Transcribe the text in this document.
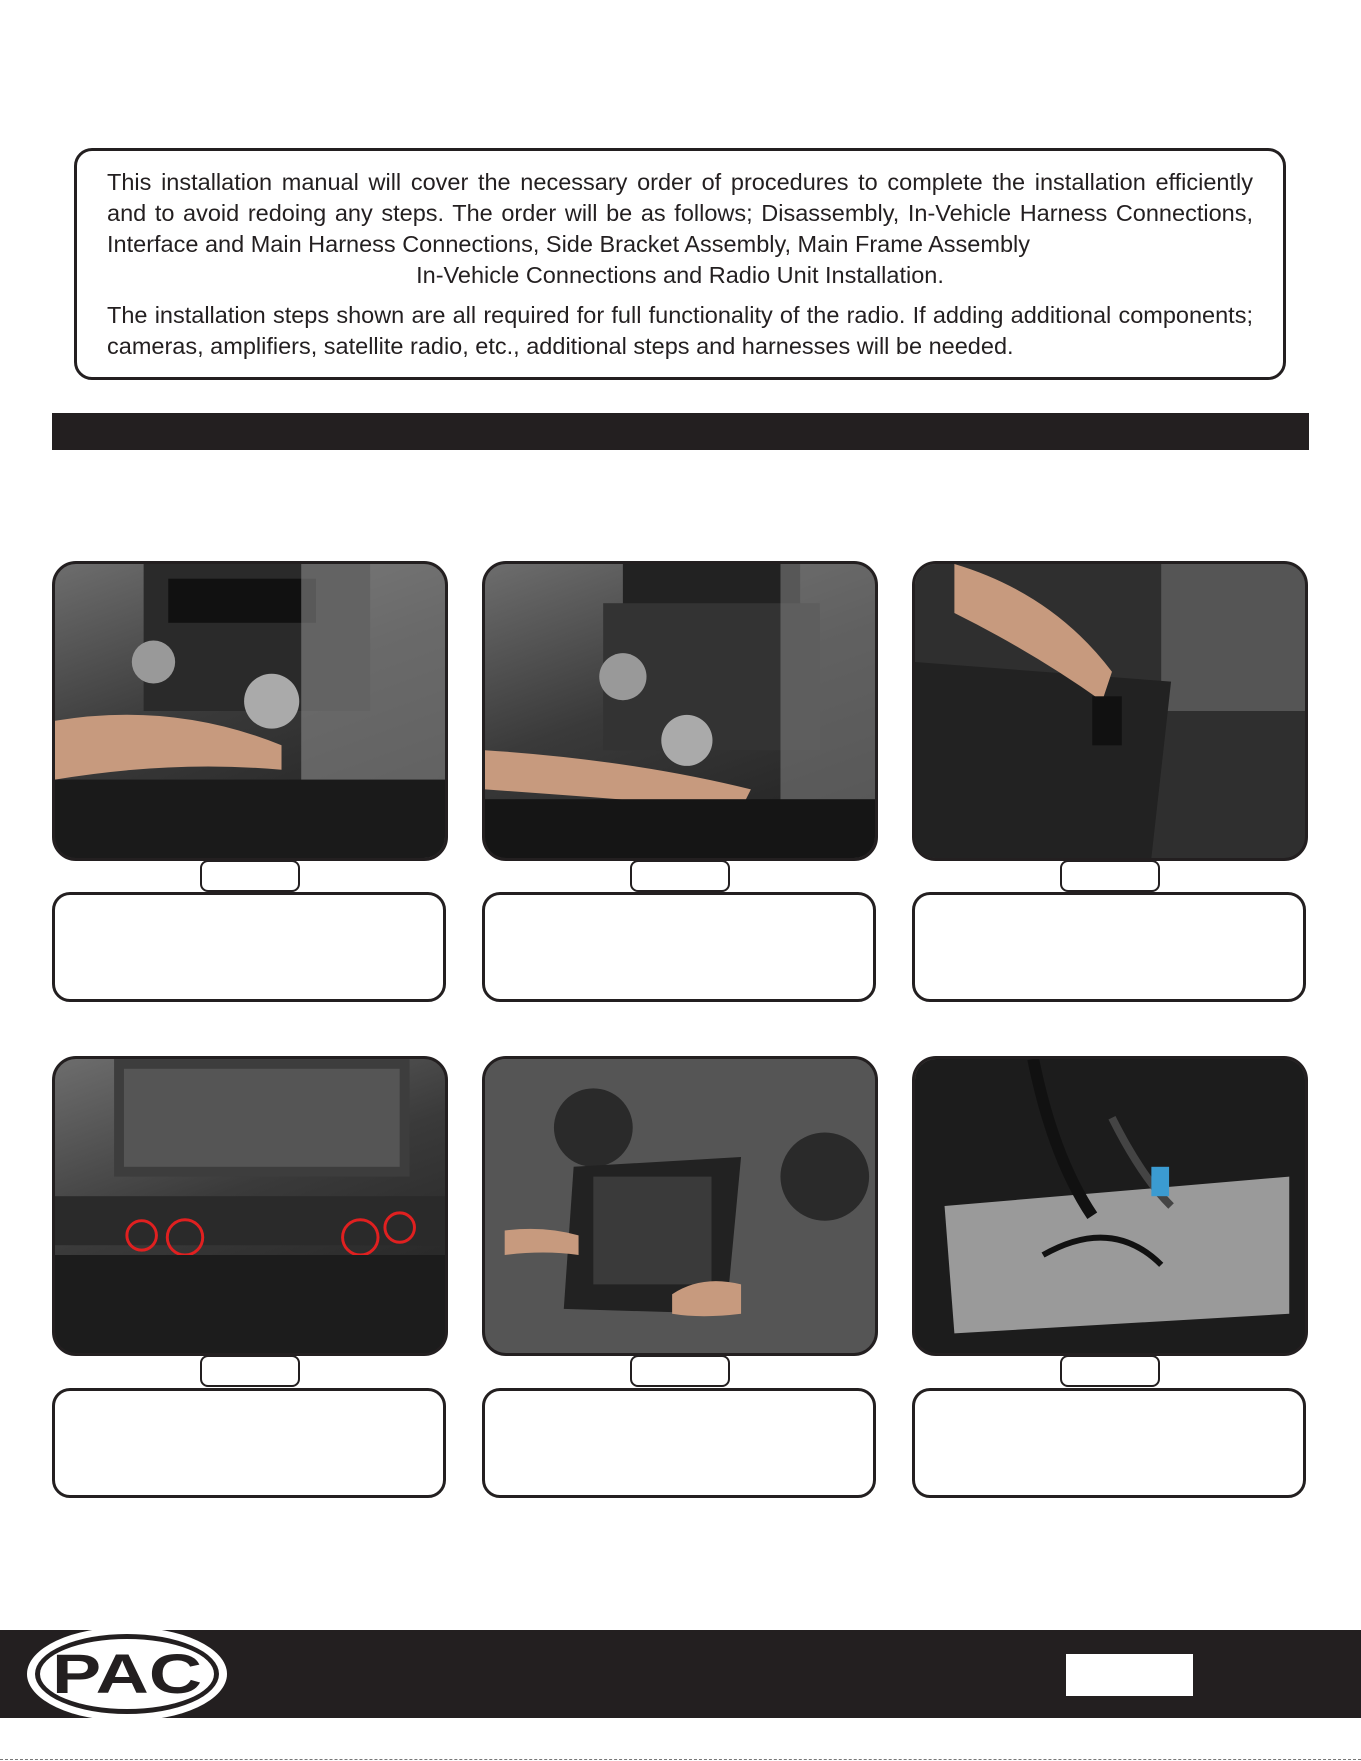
This installation manual will cover the necessary order of procedures to complete the installation efficiently and to avoid redoing any steps. The order will be as follows; Disassembly, In-Vehicle Harness Connections, Interface and Main Harness Connections, Side Bracket Assembly, Main Frame Assembly
In-Vehicle Connections and Radio Unit Installation.

The installation steps shown are all required for full functionality of the radio. If adding additional components; cameras, amplifiers, satellite radio, etc., additional steps and harnesses will be needed.

PAC
